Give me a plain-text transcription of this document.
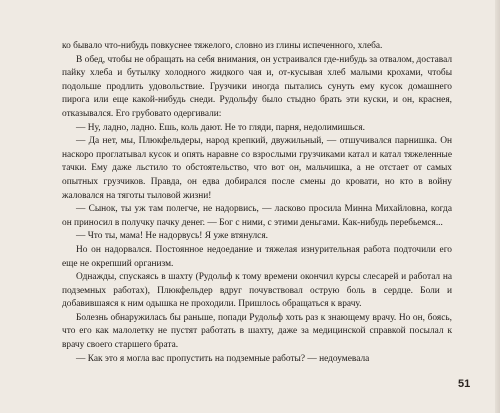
ко бывало что-нибудь повкуснее тяжелого, словно из глины испеченного, хлеба.

В обед, чтобы не обращать на себя внимания, он устраивался где-нибудь за отвалом, доставал пайку хлеба и бутылку холодного жидкого чая и, от-кусывая хлеб малыми крохами, чтобы подольше продлить удовольствие. Грузчики иногда пытались сунуть ему кусок домашнего пирога или еще какой-нибудь снеди. Рудольфу было стыдно брать эти куски, и он, краснея, отказывался. Его грубовато одергивали:

— Ну, ладно, ладно. Ешь, коль дают. Не то гляди, парня, недолимишься.

— Да нет, мы, Плюкфельдеры, народ крепкий, двужильный, — отшучивался парнишка. Он наскоро проглатывал кусок и опять наравне со взрослыми грузчиками катал и катал тяжеленные тачки. Ему даже льстило то обстоятельство, что вот он, мальчишка, а не отстает от самых опытных грузчиков. Правда, он едва добирался после смены до кровати, но кто в войну жаловался на тяготы тыловой жизни!

— Сынок, ты уж там полегче, не надорвись, — ласково просила Минна Михайловна, когда он приносил в получку пачку денег. — Бог с ними, с этими деньгами. Как-нибудь перебьемся...

— Что ты, мама! Не надорвусь! Я уже втянулся.

Но он надорвался. Постоянное недоедание и тяжелая изнурительная работа подточили его еще не окрепший организм.

Однажды, спускаясь в шахту (Рудольф к тому времени окончил курсы слесарей и работал на подземных работах), Плюкфельдер вдруг почувствовал острую боль в сердце. Боли и добавившаяся к ним одышка не проходили. Пришлось обращаться к врачу.

Болезнь обнаружилась бы раньше, попади Рудольф хоть раз к знающему врачу. Но он, боясь, что его как малолетку не пустят работать в шахту, даже за медицинской справкой посылал к врачу своего старшего брата.

— Как это я могла вас пропустить на подземные работы? — недоумевала

51
